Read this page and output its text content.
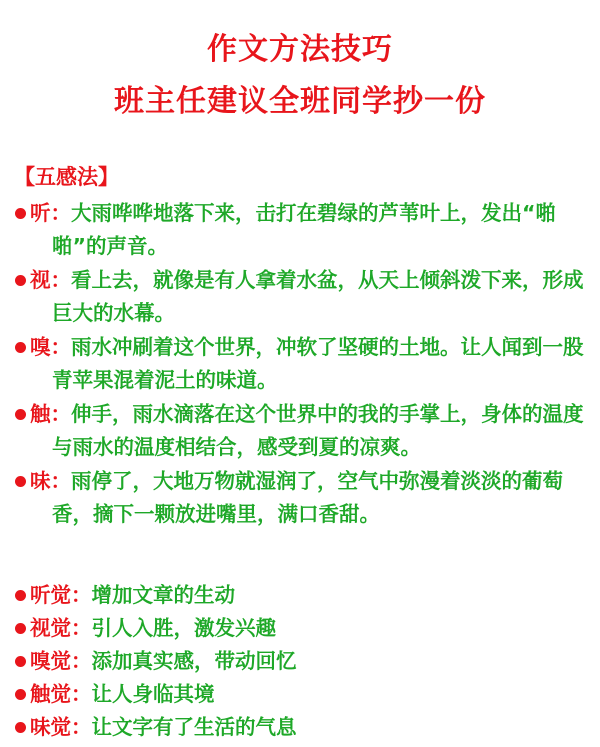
作文方法技巧
班主任建议全班同学抄一份
【五感法】
听：大雨哗哗地落下来，击打在碧绿的芦苇叶上，发出“啪啪”的声音。
视：看上去，就像是有人拿着水盆，从天上倾斜泼下来，形成巨大的水幕。
嗅：雨水冲刷着这个世界，冲软了坚硬的土地。让人闻到一股青苹果混着泥土的味道。
触：伸手，雨水滴落在这个世界中的我的手掌上，身体的温度与雨水的温度相结合，感受到夏的凉爽。
味：雨停了，大地万物就湿润了，空气中弥漫着淡淡的葡萄香，摘下一颗放进嘴里，满口香甜。
听觉：增加文章的生动
视觉：引人入胜，激发兴趣
嗅觉：添加真实感，带动回忆
触觉：让人身临其境
味觉：让文字有了生活的气息
